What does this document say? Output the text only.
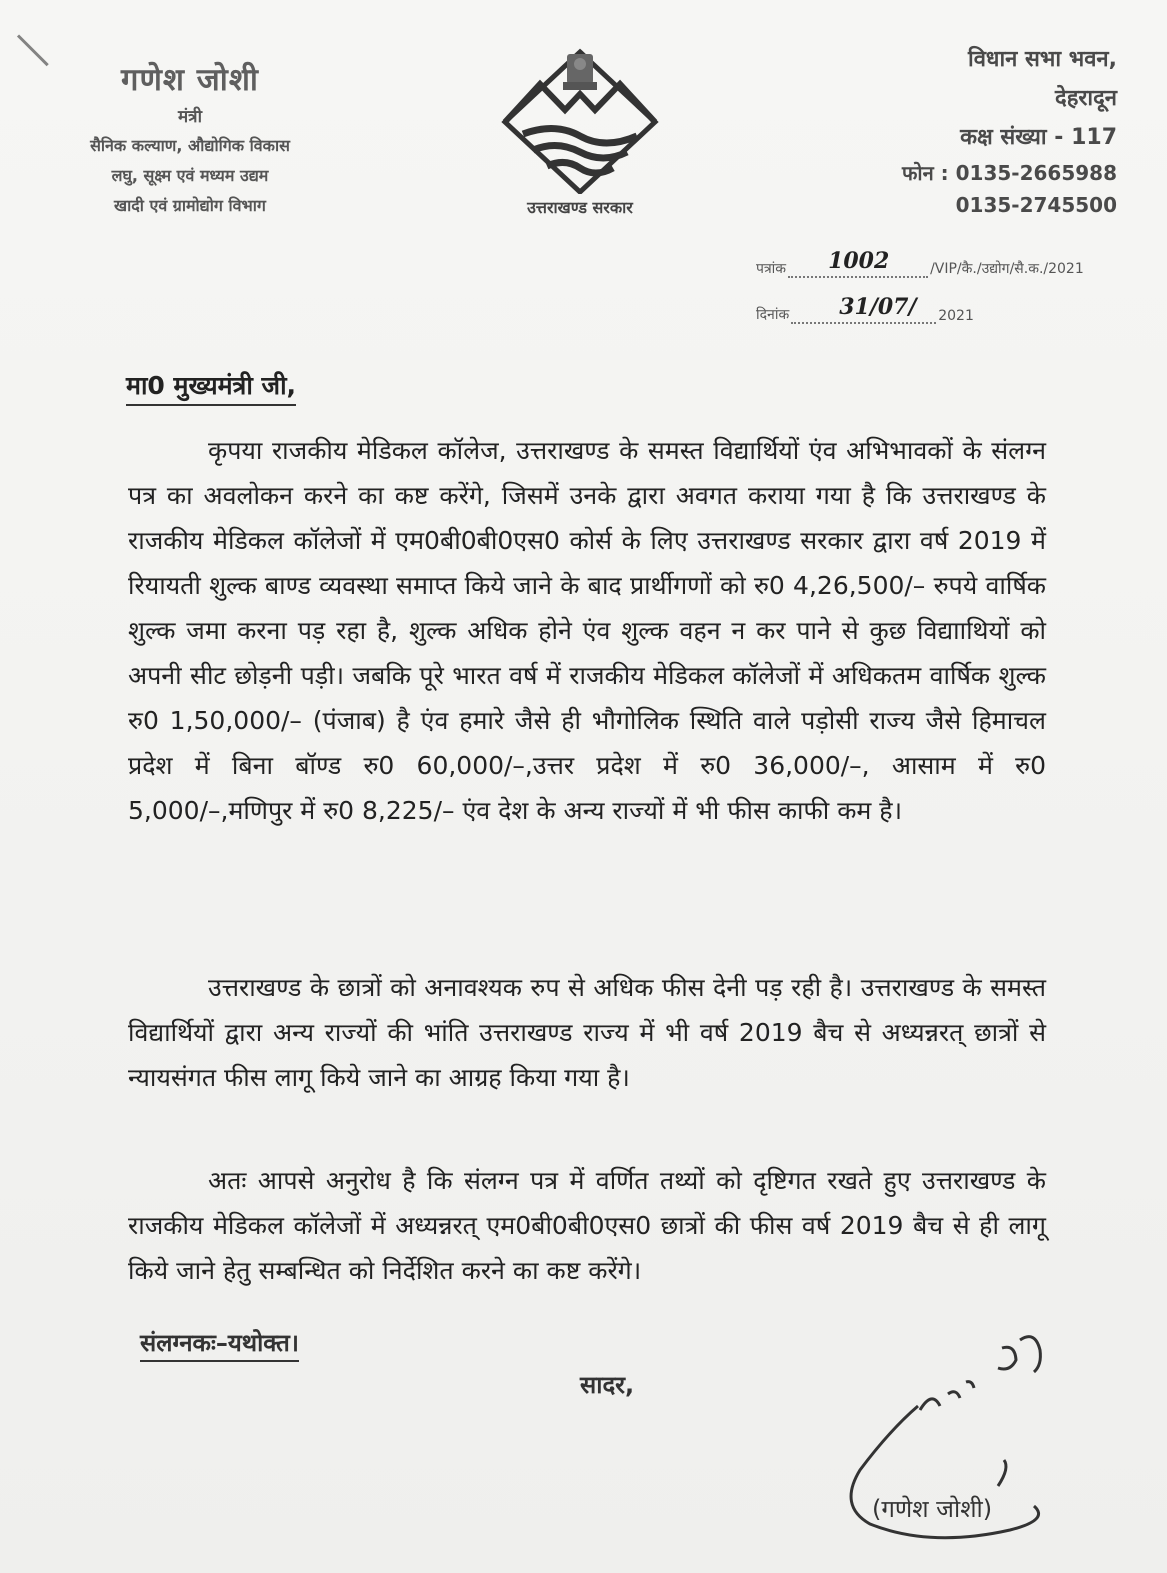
गणेश जोशी
मंत्री
सैनिक कल्याण, औद्योगिक विकास
लघु, सूक्ष्म एवं मध्यम उद्यम
खादी एवं ग्रामोद्योग विभाग	उत्तराखण्ड सरकार
विधान सभा भवन,
देहरादून
कक्ष संख्या - 117
फोन : 0135-2665988
0135-2745500
पत्रांक 1002	/VIP/कै./उद्योग/सै.क./2021
दिनांक 31/07/ 2021
मा0 मुख्यमंत्री जी,
कृपया राजकीय मेडिकल कॉलेज, उत्तराखण्ड के समस्त विद्यार्थियों एंव अभिभावकों के संलग्न पत्र का अवलोकन करने का कष्ट करेंगे, जिसमें उनके द्वारा अवगत कराया गया है कि उत्तराखण्ड के राजकीय मेडिकल कॉलेजों में एम0बी0बी0एस0 कोर्स के लिए उत्तराखण्ड सरकार द्वारा वर्ष 2019 में रियायती शुल्क बाण्ड व्यवस्था समाप्त किये जाने के बाद प्रार्थीगणों को रु0 4,26,500/– रुपये वार्षिक शुल्क जमा करना पड़ रहा है, शुल्क अधिक होने एंव शुल्क वहन न कर पाने से कुछ विद्यााथियों को अपनी सीट छोड़नी पड़ी। जबकि पूरे भारत वर्ष में राजकीय मेडिकल कॉलेजों में अधिकतम वार्षिक शुल्क रु0 1,50,000/– (पंजाब) है एंव हमारे जैसे ही भौगोलिक स्थिति वाले पड़ोसी राज्य जैसे हिमाचल प्रदेश में बिना बॉण्ड रु0 60,000/–,उत्तर प्रदेश में रु0 36,000/–, आसाम में रु0 5,000/–,मणिपुर में रु0 8,225/– एंव देश के अन्य राज्यों में भी फीस काफी कम है।
उत्तराखण्ड के छात्रों को अनावश्यक रुप से अधिक फीस देनी पड़ रही है। उत्तराखण्ड के समस्त विद्यार्थियों द्वारा अन्य राज्यों की भांति उत्तराखण्ड राज्य में भी वर्ष 2019 बैच से अध्यन्नरत् छात्रों से न्यायसंगत फीस लागू किये जाने का आग्रह किया गया है।
अतः आपसे अनुरोध है कि संलग्न पत्र में वर्णित तथ्यों को दृष्टिगत रखते हुए उत्तराखण्ड के राजकीय मेडिकल कॉलेजों में अध्यन्नरत् एम0बी0बी0एस0 छात्रों की फीस वर्ष 2019 बैच से ही लागू किये जाने हेतु सम्बन्धित को निर्देशित करने का कष्ट करेंगे।
संलग्नकः–यथोक्त।
सादर,
(गणेश जोशी)
